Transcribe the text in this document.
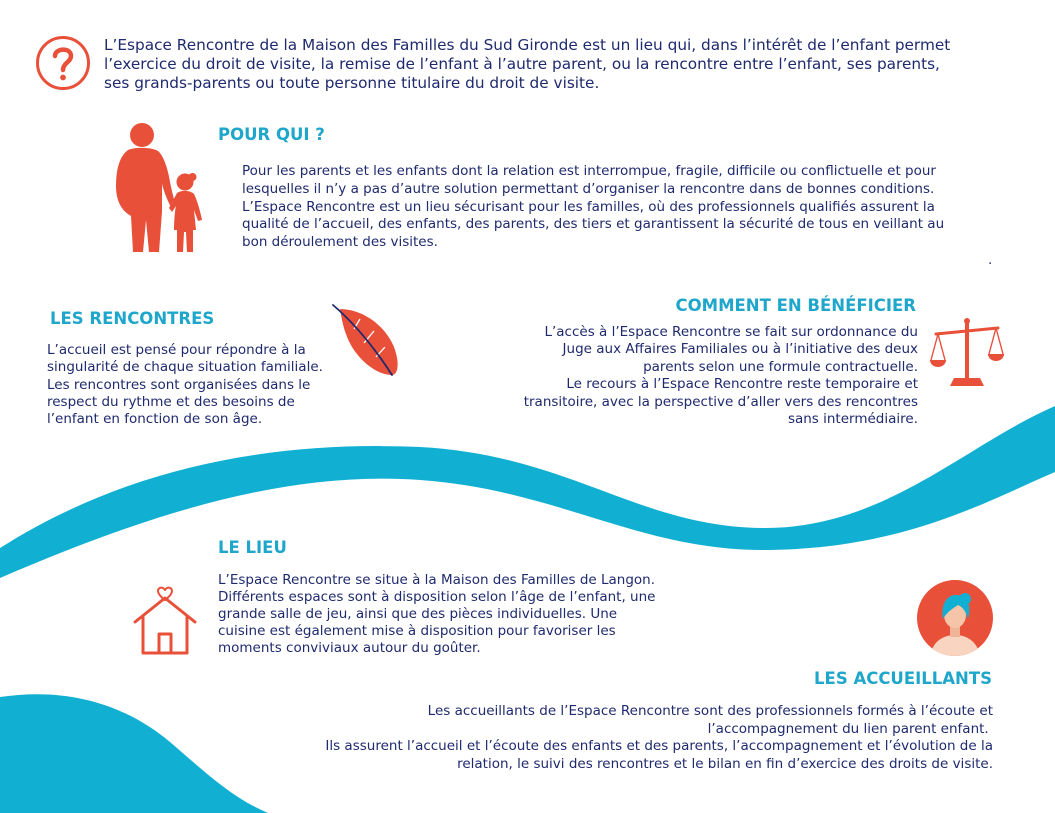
L’Espace Rencontre de la Maison des Familles du Sud Gironde est un lieu qui, dans l’intérêt de l’enfant permet
l’exercice du droit de visite, la remise de l’enfant à l’autre parent, ou la rencontre entre l’enfant, ses parents,
ses grands-parents ou toute personne titulaire du droit de visite.
POUR QUI ?
Pour les parents et les enfants dont la relation est interrompue, fragile, difficile ou conflictuelle et pour
lesquelles il n’y a pas d’autre solution permettant d’organiser la rencontre dans de bonnes conditions.
L’Espace Rencontre est un lieu sécurisant pour les familles, où des professionnels qualifiés assurent la
qualité de l’accueil, des enfants, des parents, des tiers et garantissent la sécurité de tous en veillant au
bon déroulement des visites.
.
LES RENCONTRES
L’accueil est pensé pour répondre à la
singularité de chaque situation familiale.
Les rencontres sont organisées dans le
respect du rythme et des besoins de
l’enfant en fonction de son âge.
COMMENT EN BÉNÉFICIER
L’accès à l’Espace Rencontre se fait sur ordonnance du
Juge aux Affaires Familiales ou à l’initiative des deux
parents selon une formule contractuelle.
Le recours à l’Espace Rencontre reste temporaire et
transitoire, avec la perspective d’aller vers des rencontres
sans intermédiaire.
LE LIEU
L’Espace Rencontre se situe à la Maison des Familles de Langon.
Différents espaces sont à disposition selon l’âge de l’enfant, une
grande salle de jeu, ainsi que des pièces individuelles. Une
cuisine est également mise à disposition pour favoriser les
moments conviviaux autour du goûter.
LES ACCUEILLANTS
Les accueillants de l’Espace Rencontre sont des professionnels formés à l’écoute et
l’accompagnement du lien parent enfant.
Ils assurent l’accueil et l’écoute des enfants et des parents, l’accompagnement et l’évolution de la
relation, le suivi des rencontres et le bilan en fin d’exercice des droits de visite.
